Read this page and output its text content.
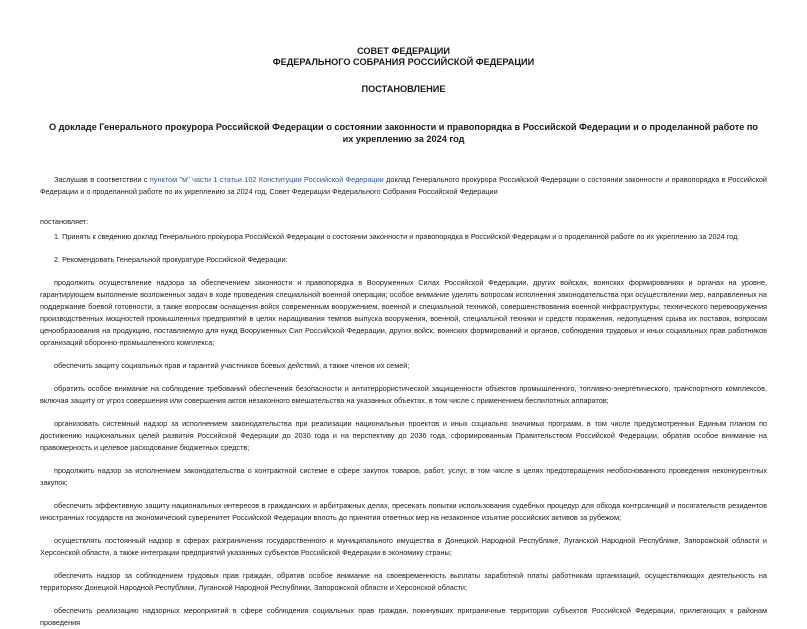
СОВЕТ ФЕДЕРАЦИИ
ФЕДЕРАЛЬНОГО СОБРАНИЯ РОССИЙСКОЙ ФЕДЕРАЦИИ
ПОСТАНОВЛЕНИЕ
О докладе Генерального прокурора Российской Федерации о состоянии законности и правопорядка в Российской Федерации и о проделанной работе по их укреплению за 2024 год

Заслушав в соответствии с пунктом "м" части 1 статьи 102 Конституции Российской Федерации доклад Генерального прокурора Российской Федерации о состоянии законности и правопорядка в Российской Федерации и о проделанной работе по их укреплению за 2024 год, Совет Федерации Федерального Собрания Российской Федерации

постановляет:

1. Принять к сведению доклад Генерального прокурора Российской Федерации о состоянии законности и правопорядка в Российской Федерации и о проделанной работе по их укреплению за 2024 год.

2. Рекомендовать Генеральной прокуратуре Российской Федерации:

продолжить осуществление надзора за обеспечением законности и правопорядка в Вооруженных Силах Российской Федерации, других войсках, воинских формированиях и органах на уровне, гарантирующем выполнение возложенных задач в ходе проведения специальной военной операции; особое внимание уделять вопросам исполнения законодательства при осуществлении мер, направленных на поддержание боевой готовности, а также вопросам оснащения войск современным вооружением, военной и специальной техникой, совершенствования военной инфраструктуры, технического перевооружения производственных мощностей промышленных предприятий в целях наращивания темпов выпуска вооружения, военной, специальной техники и средств поражения, недопущения срыва их поставок, вопросам ценообразования на продукцию, поставляемую для нужд Вооруженных Сил Российской Федерации, других войск, воинских формирований и органов, соблюдения трудовых и иных социальных прав работников организаций оборонно-промышленного комплекса;

обеспечить защиту социальных прав и гарантий участников боевых действий, а также членов их семей;

обратить особое внимание на соблюдение требований обеспечения безопасности и антитеррористической защищенности объектов промышленного, топливно-энергетического, транспортного комплексов, включая защиту от угроз совершения или совершения актов незаконного вмешательства на указанных объектах, в том числе с применением беспилотных аппаратов;

организовать системный надзор за исполнением законодательства при реализации национальных проектов и иных социально значимых программ, в том числе предусмотренных Единым планом по достижению национальных целей развития Российской Федерации до 2030 года и на перспективу до 2036 года, сформированным Правительством Российской Федерации, обратив особое внимание на правомерность и целевое расходование бюджетных средств;

продолжить надзор за исполнением законодательства о контрактной системе в сфере закупок товаров, работ, услуг, в том числе в целях предотвращения необоснованного проведения неконкурентных закупок;

обеспечить эффективную защиту национальных интересов в гражданских и арбитражных делах, пресекать попытки использования судебных процедур для обхода контрсанкций и посягательств резидентов иностранных государств на экономический суверенитет Российской Федерации вплоть до принятия ответных мер на незаконное изъятие российских активов за рубежом;

осуществлять постоянный надзор в сферах разграничения государственного и муниципального имущества в Донецкой Народной Республике, Луганской Народной Республике, Запорожской области и Херсонской области, а также интеграции предприятий указанных субъектов Российской Федерации в экономику страны;

обеспечить надзор за соблюдением трудовых прав граждан, обратив особое внимание на своевременность выплаты заработной платы работникам организаций, осуществляющих деятельность на территориях Донецкой Народной Республики, Луганской Народной Республики, Запорожской области и Херсонской области;

обеспечить реализацию надзорных мероприятий в сфере соблюдения социальных прав граждан, покинувших приграничные территории субъектов Российской Федерации, прилегающих к районам проведения
